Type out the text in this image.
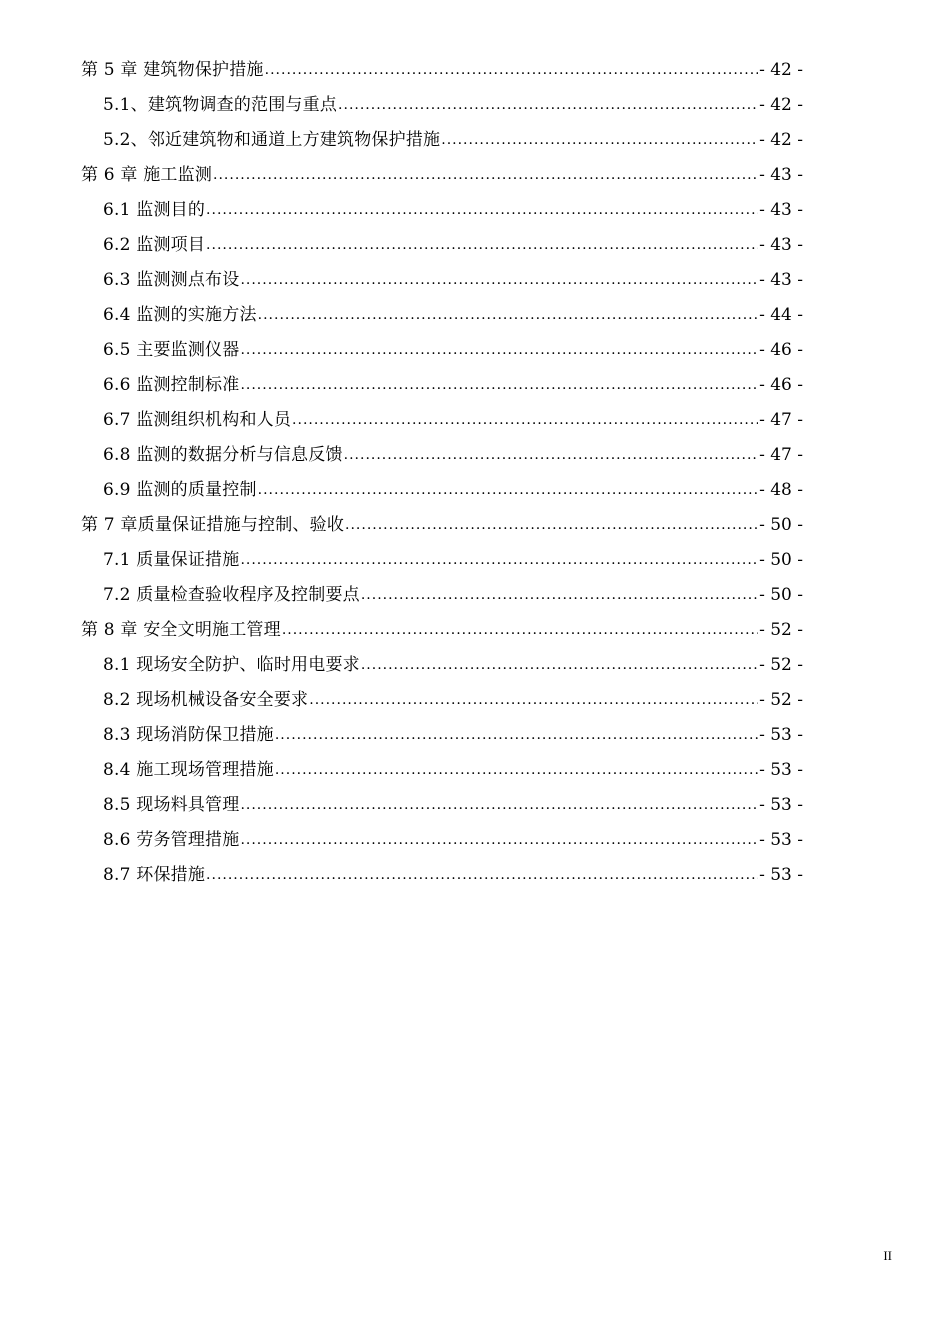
第 5 章 建筑物保护措施 .....	- 42 -
5.1、建筑物调查的范围与重点 .....	- 42 -
5.2、邻近建筑物和通道上方建筑物保护措施 .....	- 42 -
第 6 章 施工监测 .....	- 43 -
6.1 监测目的 .....	- 43 -
6.2 监测项目 .....	- 43 -
6.3 监测测点布设 .....	- 43 -
6.4 监测的实施方法 .....	- 44 -
6.5 主要监测仪器 .....	- 46 -
6.6 监测控制标准 .....	- 46 -
6.7 监测组织机构和人员 .....	- 47 -
6.8 监测的数据分析与信息反馈 .....	- 47 -
6.9 监测的质量控制 .....	- 48 -
第 7 章质量保证措施与控制、验收 .....	- 50 -
7.1 质量保证措施 .....	- 50 -
7.2 质量检查验收程序及控制要点 .....	- 50 -
第 8 章 安全文明施工管理 .....	- 52 -
8.1 现场安全防护、临时用电要求 .....	- 52 -
8.2 现场机械设备安全要求 .....	- 52 -
8.3 现场消防保卫措施 .....	- 53 -
8.4 施工现场管理措施 .....	- 53 -
8.5 现场料具管理 .....	- 53 -
8.6 劳务管理措施 .....	- 53 -
8.7 环保措施 .....	- 53 -
II
